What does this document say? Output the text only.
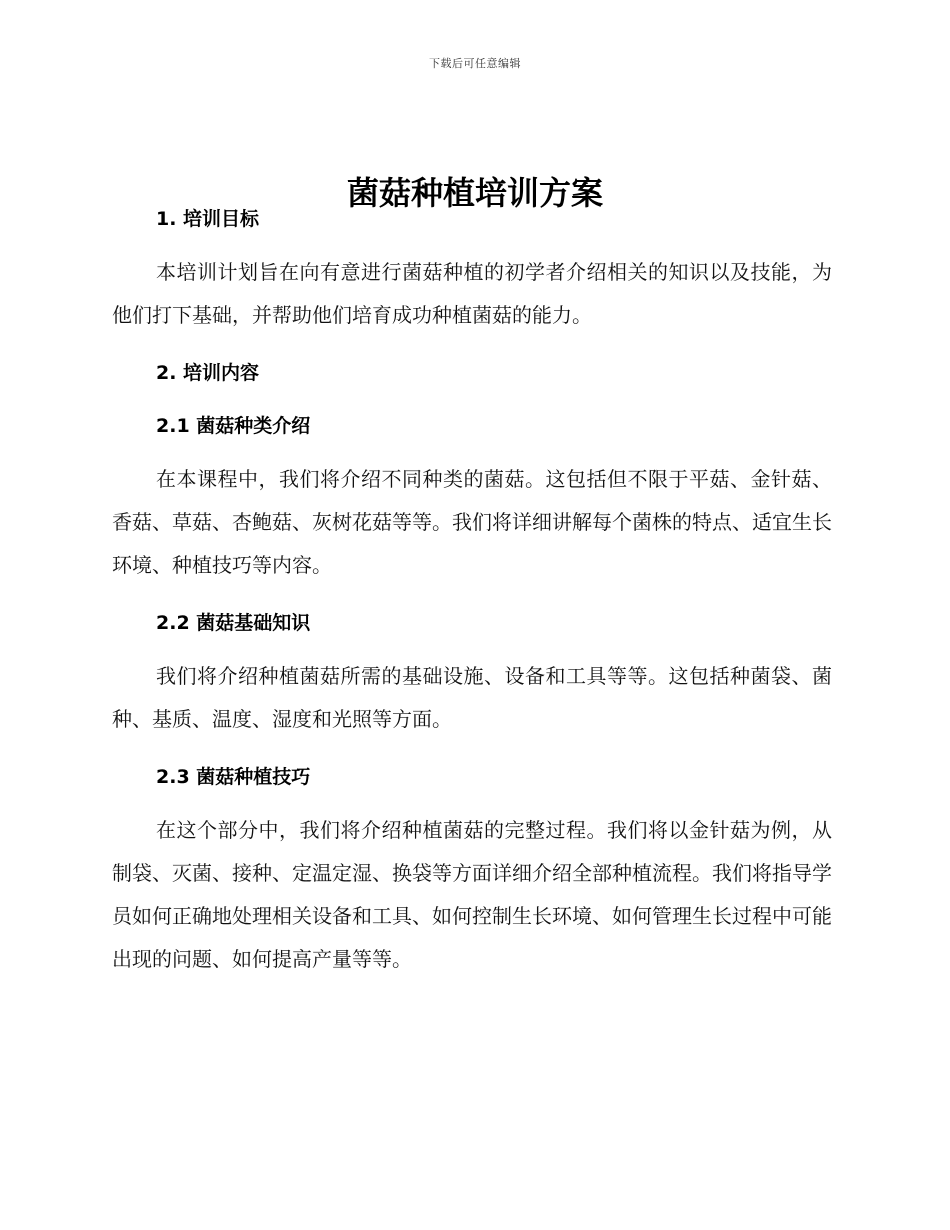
下载后可任意编辑
菌菇种植培训方案
1. 培训目标

本培训计划旨在向有意进行菌菇种植的初学者介绍相关的知识以及技能，为他们打下基础，并帮助他们培育成功种植菌菇的能力。

2. 培训内容
2.1 菌菇种类介绍

在本课程中，我们将介绍不同种类的菌菇。这包括但不限于平菇、金针菇、香菇、草菇、杏鲍菇、灰树花菇等等。我们将详细讲解每个菌株的特点、适宜生长环境、种植技巧等内容。

2.2 菌菇基础知识

我们将介绍种植菌菇所需的基础设施、设备和工具等等。这包括种菌袋、菌种、基质、温度、湿度和光照等方面。

2.3 菌菇种植技巧

在这个部分中，我们将介绍种植菌菇的完整过程。我们将以金针菇为例，从制袋、灭菌、接种、定温定湿、换袋等方面详细介绍全部种植流程。我们将指导学员如何正确地处理相关设备和工具、如何控制生长环境、如何管理生长过程中可能出现的问题、如何提高产量等等。
